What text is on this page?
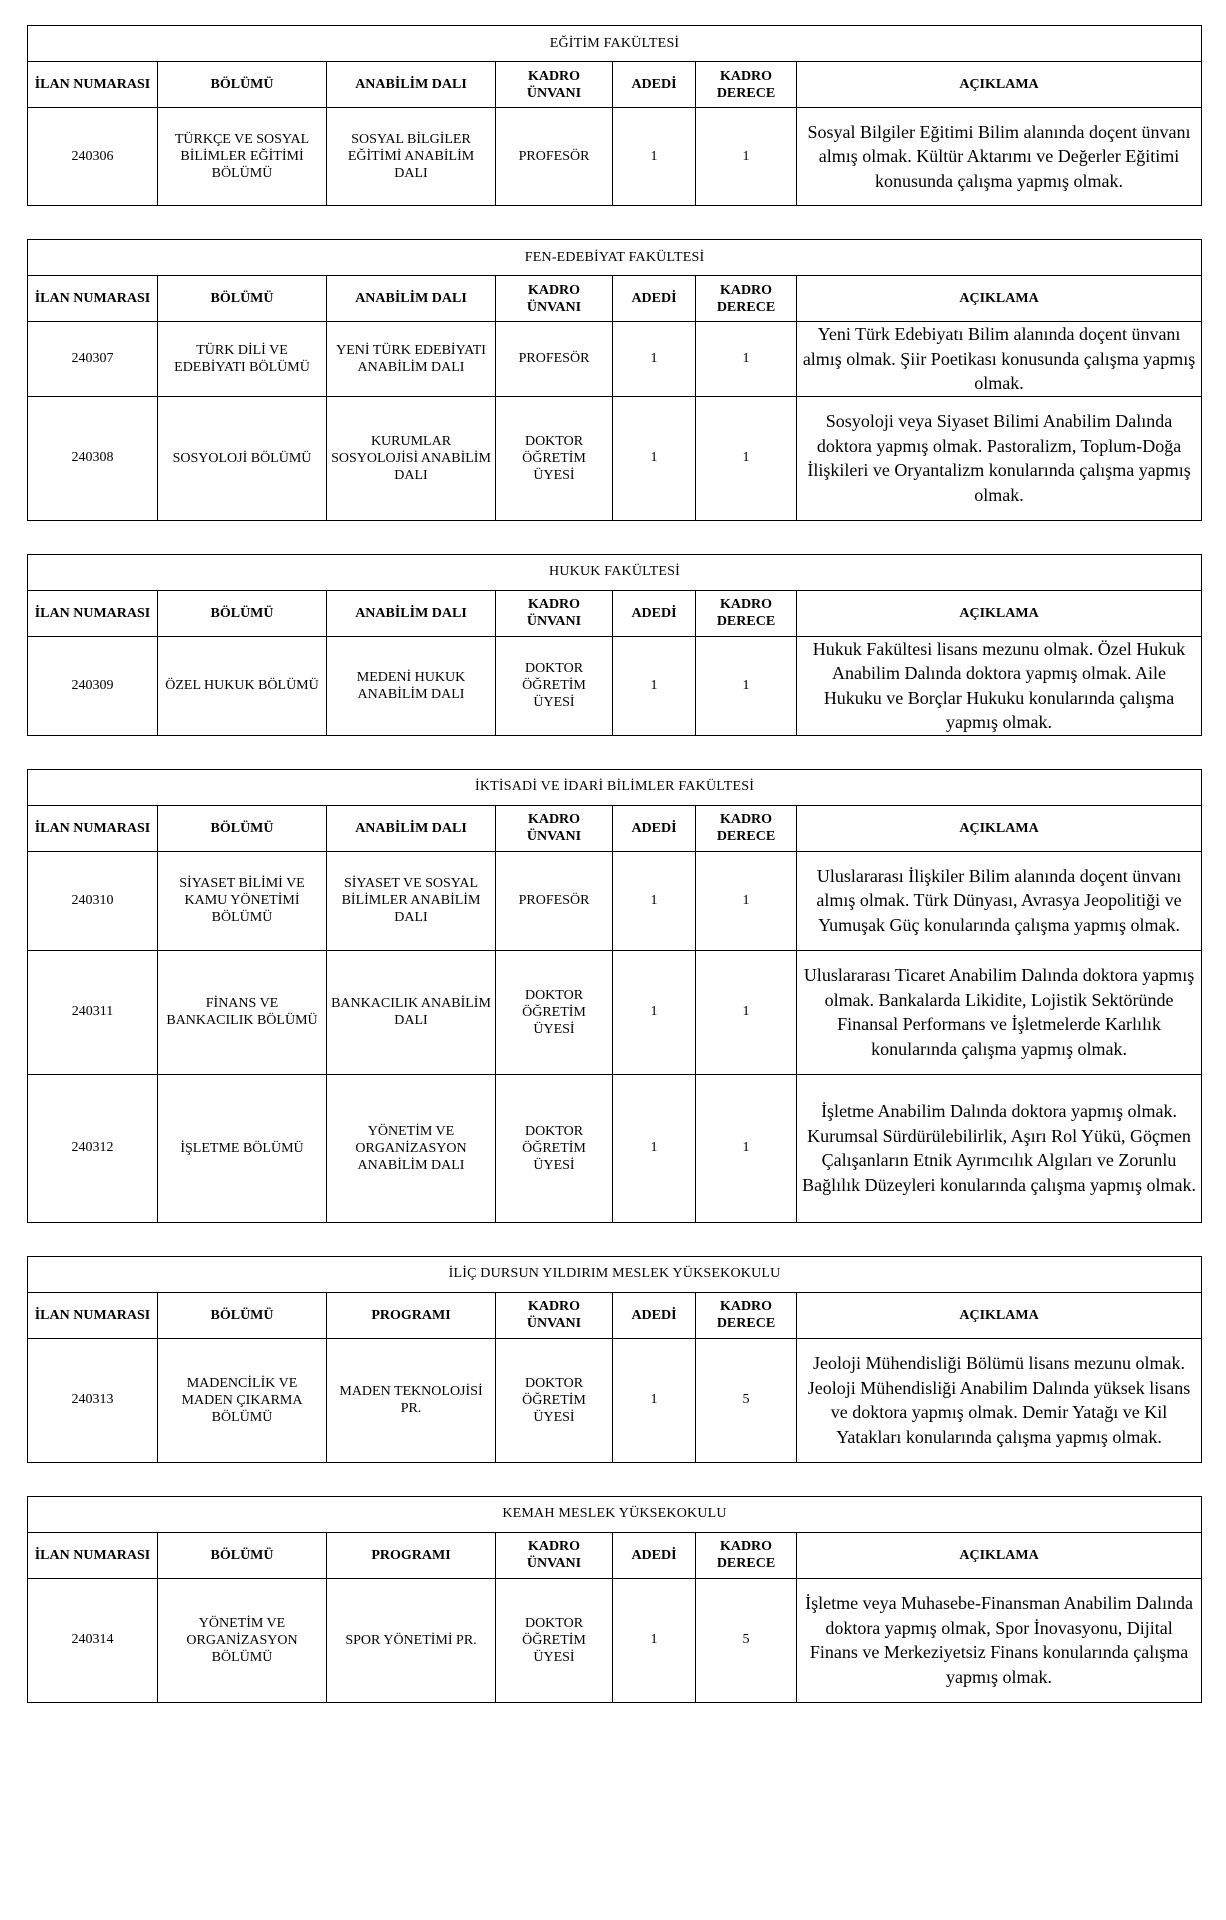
EĞİTİM FAKÜLTESİ						
İLAN NUMARASI	BÖLÜMÜ	ANABİLİM DALI	KADRO ÜNVANI	ADEDİ	KADRO DERECE	AÇIKLAMA
240306	TÜRKÇE VE SOSYAL BİLİMLER EĞİTİMİ BÖLÜMÜ	SOSYAL BİLGİLER EĞİTİMİ ANABİLİM DALI	PROFESÖR	1	1	Sosyal Bilgiler Eğitimi Bilim alanında doçent ünvanı almış olmak. Kültür Aktarımı ve Değerler Eğitimi konusunda çalışma yapmış olmak.
FEN-EDEBİYAT FAKÜLTESİ						
İLAN NUMARASI	BÖLÜMÜ	ANABİLİM DALI	KADRO ÜNVANI	ADEDİ	KADRO DERECE	AÇIKLAMA
240307	TÜRK DİLİ VE EDEBİYATI BÖLÜMÜ	YENİ TÜRK EDEBİYATI ANABİLİM DALI	PROFESÖR	1	1	Yeni Türk Edebiyatı Bilim alanında doçent ünvanı almış olmak. Şiir Poetikası konusunda çalışma yapmış olmak.
240308	SOSYOLOJİ BÖLÜMÜ	KURUMLAR SOSYOLOJİSİ ANABİLİM DALI	DOKTOR ÖĞRETİM ÜYESİ	1	1	Sosyoloji veya Siyaset Bilimi Anabilim Dalında doktora yapmış olmak. Pastoralizm, Toplum-Doğa İlişkileri ve Oryantalizm konularında çalışma yapmış olmak.
HUKUK FAKÜLTESİ						
İLAN NUMARASI	BÖLÜMÜ	ANABİLİM DALI	KADRO ÜNVANI	ADEDİ	KADRO DERECE	AÇIKLAMA
240309	ÖZEL HUKUK BÖLÜMÜ	MEDENİ HUKUK ANABİLİM DALI	DOKTOR ÖĞRETİM ÜYESİ	1	1	Hukuk Fakültesi lisans mezunu olmak. Özel Hukuk Anabilim Dalında doktora yapmış olmak. Aile Hukuku ve Borçlar Hukuku konularında çalışma yapmış olmak.
İKTİSADİ VE İDARİ BİLİMLER FAKÜLTESİ						
İLAN NUMARASI	BÖLÜMÜ	ANABİLİM DALI	KADRO ÜNVANI	ADEDİ	KADRO DERECE	AÇIKLAMA
240310	SİYASET BİLİMİ VE KAMU YÖNETİMİ BÖLÜMÜ	SİYASET VE SOSYAL BİLİMLER ANABİLİM DALI	PROFESÖR	1	1	Uluslararası İlişkiler Bilim alanında doçent ünvanı almış olmak. Türk Dünyası, Avrasya Jeopolitiği ve Yumuşak Güç konularında çalışma yapmış olmak.
240311	FİNANS VE BANKACILIK BÖLÜMÜ	BANKACILIK ANABİLİM DALI	DOKTOR ÖĞRETİM ÜYESİ	1	1	Uluslararası Ticaret Anabilim Dalında doktora yapmış olmak. Bankalarda Likidite, Lojistik Sektöründe Finansal Performans ve İşletmelerde Karlılık konularında çalışma yapmış olmak.
240312	İŞLETME BÖLÜMÜ	YÖNETİM VE ORGANİZASYON ANABİLİM DALI	DOKTOR ÖĞRETİM ÜYESİ	1	1	İşletme Anabilim Dalında doktora yapmış olmak. Kurumsal Sürdürülebilirlik, Aşırı Rol Yükü, Göçmen Çalışanların Etnik Ayrımcılık Algıları ve Zorunlu Bağlılık Düzeyleri konularında çalışma yapmış olmak.
İLİÇ DURSUN YILDIRIM MESLEK YÜKSEKOKULU						
İLAN NUMARASI	BÖLÜMÜ	PROGRAMI	KADRO ÜNVANI	ADEDİ	KADRO DERECE	AÇIKLAMA
240313	MADENCİLİK VE MADEN ÇIKARMA BÖLÜMÜ	MADEN TEKNOLOJİSİ PR.	DOKTOR ÖĞRETİM ÜYESİ	1	5	Jeoloji Mühendisliği Bölümü lisans mezunu olmak. Jeoloji Mühendisliği Anabilim Dalında yüksek lisans ve doktora yapmış olmak. Demir Yatağı ve Kil Yatakları konularında çalışma yapmış olmak.
KEMAH MESLEK YÜKSEKOKULU						
İLAN NUMARASI	BÖLÜMÜ	PROGRAMI	KADRO ÜNVANI	ADEDİ	KADRO DERECE	AÇIKLAMA
240314	YÖNETİM VE ORGANİZASYON BÖLÜMÜ	SPOR YÖNETİMİ PR.	DOKTOR ÖĞRETİM ÜYESİ	1	5	İşletme veya Muhasebe-Finansman Anabilim Dalında doktora yapmış olmak, Spor İnovasyonu, Dijital Finans ve Merkeziyetsiz Finans konularında çalışma yapmış olmak.
